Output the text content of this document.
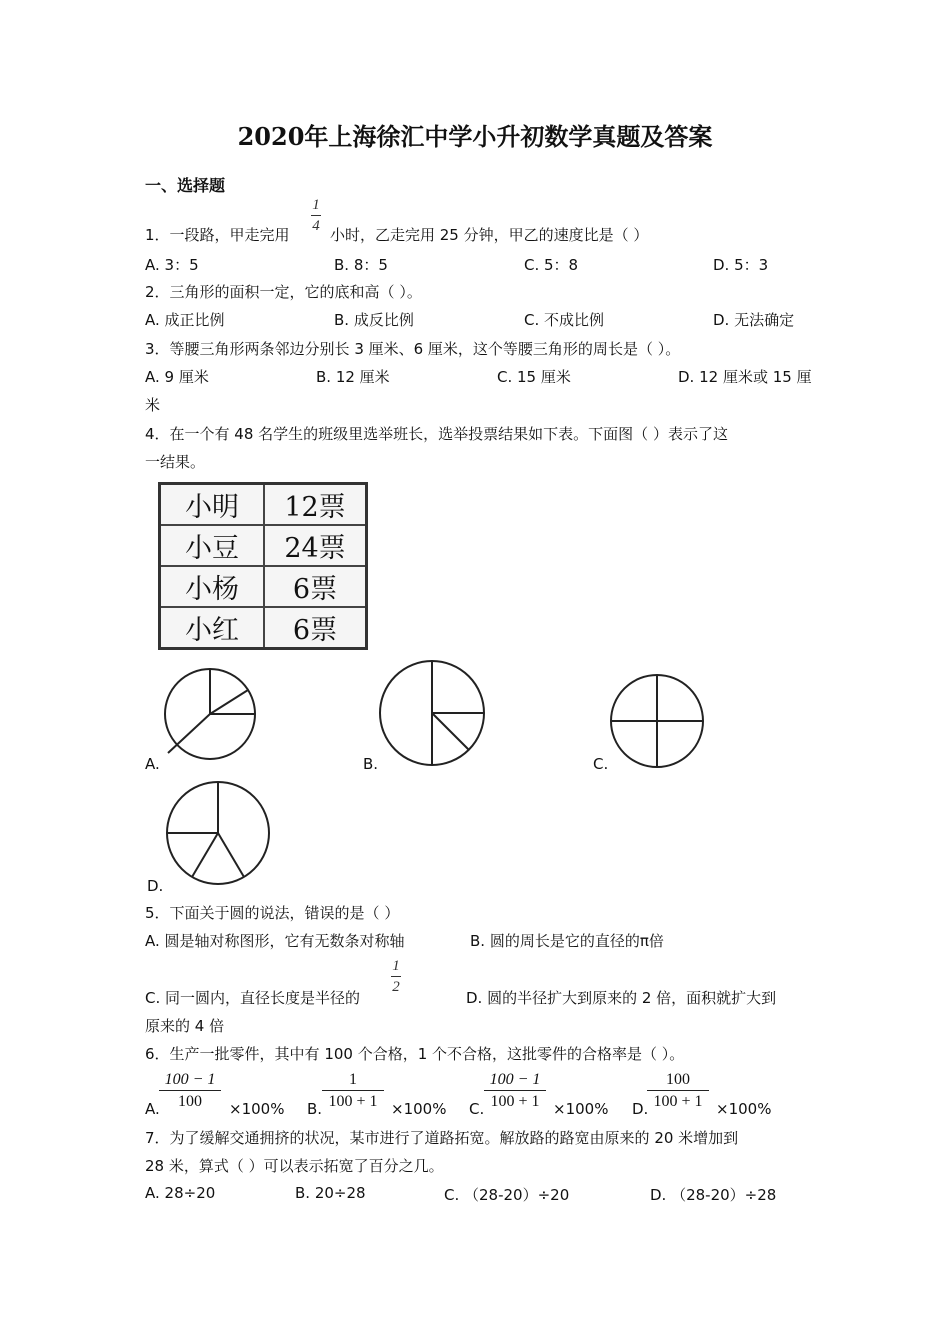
2020年上海徐汇中学小升初数学真题及答案
一、选择题
1．一段路，甲走完用
1
4 小时，乙走完用 25 分钟，甲乙的速度比是（ ）
A. 3：5	B. 8：5	C. 5：8	D. 5：3
2．三角形的面积一定，它的底和高（ ）。
A. 成正比例	B. 成反比例	C. 不成比例	D. 无法确定
3．等腰三角形两条邻边分别长 3 厘米、6 厘米，这个等腰三角形的周长是（ ）。
A. 9 厘米	B. 12 厘米	C. 15 厘米	D. 12 厘米或 15 厘
米
4．在一个有 48 名学生的班级里选举班长，选举投票结果如下表。下面图（ ）表示了这
一结果。
小明	12票
小豆	24票
小杨	6票
小红	6票
A.	B.	C.
D.
5．下面关于圆的说法，错误的是（ ）
A. 圆是轴对称图形，它有无数条对称轴	B. 圆的周长是它的直径的π倍
C. 同一圆内，直径长度是半径的
1
2
D. 圆的半径扩大到原来的 2 倍，面积就扩大到
原来的 4 倍
6．生产一批零件，其中有 100 个合格，1 个不合格，这批零件的合格率是（ ）。
A.
100 − 1
100	×100% B.
1
100 + 1 ×100% C.
100 − 1
100 + 1 ×100% D.
100
100 + 1 ×100%
7．为了缓解交通拥挤的状况，某市进行了道路拓宽。解放路的路宽由原来的 20 米增加到
28 米，算式（ ）可以表示拓宽了百分之几。
A. 28÷20	B. 20÷28	C. （28-20）÷20	D. （28-20）÷28
